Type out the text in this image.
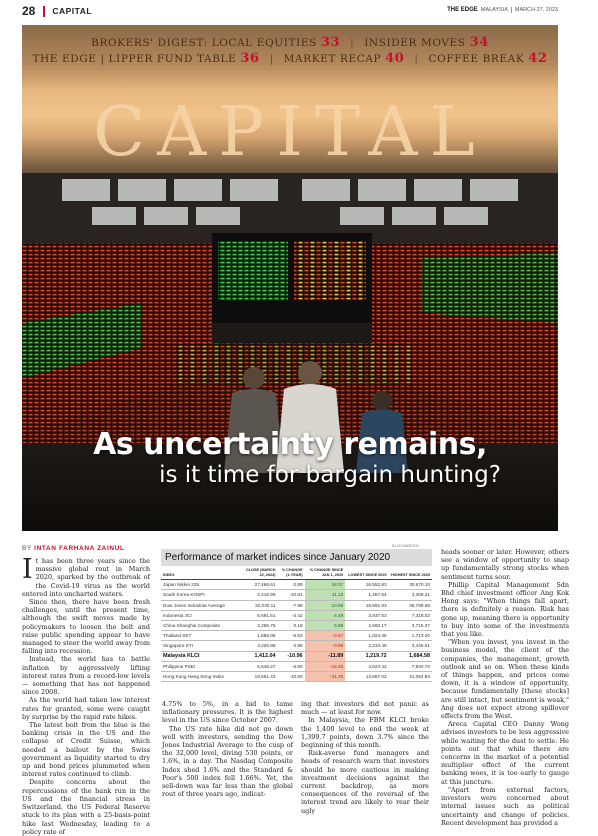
28 CAPITAL	THE EDGE MALAYSIA MARCH 27, 2023
BROKERS' DIGEST: LOCAL EQUITIES 33 | INSIDER MOVES 34
THE EDGE | LIPPER FUND TABLE 36 | MARKET RECAP 40 | COFFEE BREAK 42
CAPITAL
As uncertainty remains,
is it time for bargain hunting?
BY INTAN FARHANA ZAINUL

It has been three years since the massive global rout in March 2020, sparked by the outbreak of the Covid-19 virus as the world entered into uncharted waters.

Since then, there have been fresh challenges, until the present time, although the swift moves made by policymakers to loosen the belt and raise public spending appear to have managed to steer the world away from falling into recession.

Instead, the world has to battle inflation by aggressively lifting interest rates from a record-low levels — something that has not happened since 2008.

As the world had taken low interest rates for granted, some were caught by surprise by the rapid rate hikes.

The latest bolt from the blue is the banking crisis in the US and the collapse of Credit Suisse, which needed a bailout by the Swiss government as liquidity started to dry up and bond prices plummeted when interest rates continued to climb.

Despite concerns about the repercussions of the bank run in the US and the financial stress in Switzerland, the US Federal Reserve stuck to its plan with a 25-basis-point hike last Wednesday, leading to a policy rate of

BLOOMBERG
Performance of market indices since January 2020
INDEX	CLOSE (MARCH 22, 2023)	% CHANGE (1-YEAR)	% CHANGE SINCE JAN 1, 2020	LOWEST SINCE 2020	HIGHEST SINCE 2020
Japan Nikkei 225	27,466.61	0.89	18.37	16,552.83	30,670.10
South Korea KOSPI	2,416.96	-10.81	11.12	1,457.64	3,305.21
Dow Jones Industrial Average	32,030.11	-7.98	10.95	18,591.93	36,799.65
Indonesia JCI	6,691.61	-4.42	6.49	3,937.63	7,318.02
China Shanghai Composite	3,265.75	0.18	5.85	2,660.17	3,715.37
Thailand SET	1,585.08	-5.53	-0.67	1,024.46	1,713.20
Singapore STI	3,220.98	-3.86	-0.95	2,233.48	3,445.01
Malaysia KLCI	1,412.04	-10.96	-11.89	1,219.72	1,684.58
Philippine PSEi	6,546.27	-6.60	-15.45	4,623.42	7,840.70
Hong Kong Hang Seng Index	19,591.43	-10.50	-31.36	14,687.02	31,084.94

4.75% to 5%, in a bid to tame inflationary pressures. It is the highest level in the US since October 2007.

The US rate hike did not go down well with investors, sending the Dow Jones Industrial Average to the cusp of the 32,000 level, diving 530 points, or 1.6%, in a day. The Nasdaq Composite Index shed 1.6% and the Standard & Poor's 500 index fell 1.66%. Yet, the sell-down was far less than the global rout of three years ago, indicat-

ing that investors did not panic as much — at least for now.

In Malaysia, the FBM KLCI broke the 1,400 level to end the week at 1,399.7 points, down 3.7% since the beginning of this month.

Risk-averse fund managers and heads of research warn that investors should be more cautious in making investment decisions against the current backdrop, as more consequences of the reversal of the interest trend are likely to rear their ugly

heads sooner or later. However, others see a window of opportunity to snap up fundamentally strong stocks when sentiment turns sour.

Phillip Capital Management Sdn Bhd chief investment officer Ang Kok Heng says: "When things fall apart, there is definitely a reason. Risk has gone up, meaning there is opportunity to buy into some of the investments that you like.

"When you invest, you invest in the business model, the client of the companies, the management, growth outlook and so on. When these kinds of things happen, and prices come down, it is a window of opportunity, because fundamentally [these stocks] are still intact, but sentiment is weak," Ang does not expect strong spillover effects from the West.

Areca Capital CEO Danny Wong advises investors to be less aggressive while waiting for the dust to settle. He points out that while there are concerns in the market of a potential multiplier effect of the current banking woes, it is too early to gauge at this juncture.

"Apart from external factors, investors were concerned about internal issues such as political uncertainty and change of policies. Recent development has provided a
